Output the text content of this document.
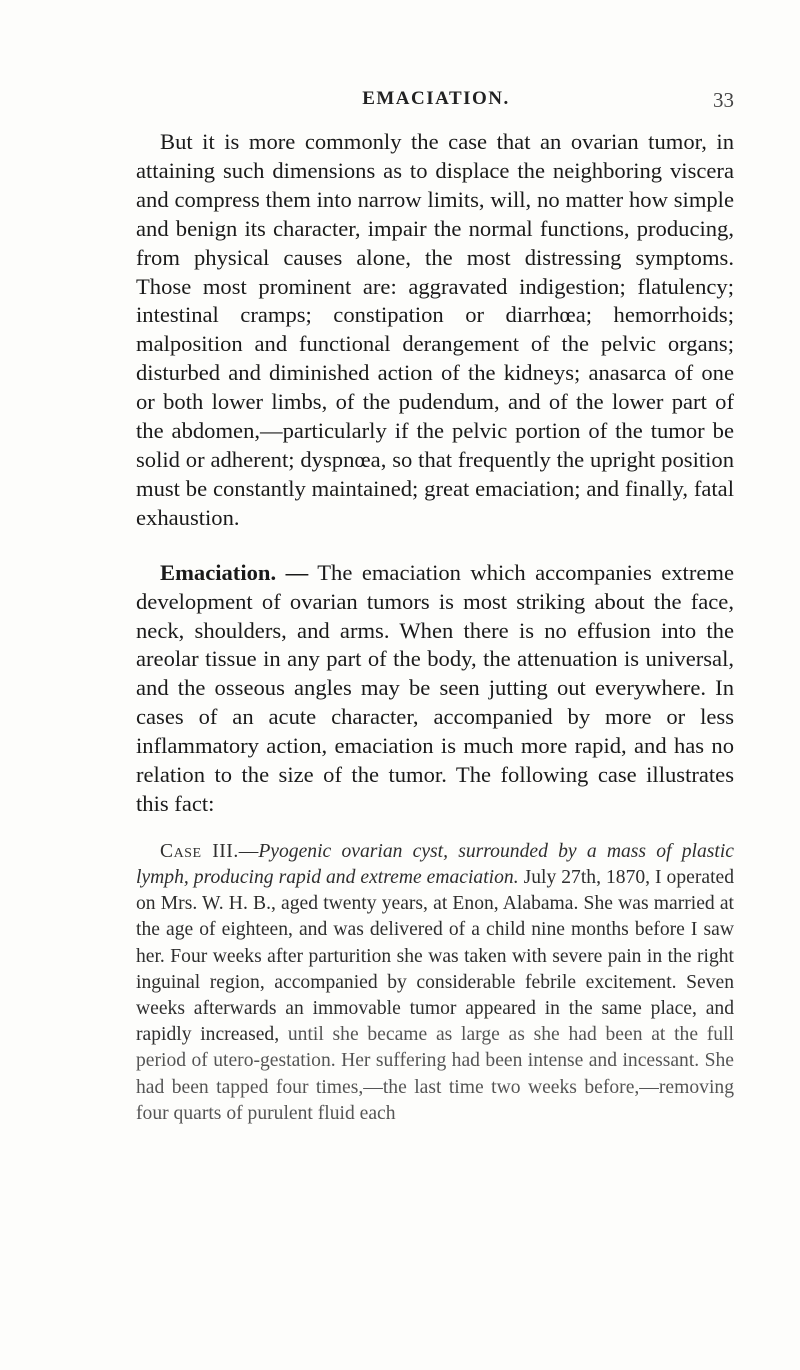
EMACIATION.	33

But it is more commonly the case that an ovarian tumor, in attaining such dimensions as to displace the neighboring viscera and compress them into narrow limits, will, no matter how simple and benign its character, impair the normal functions, producing, from physical causes alone, the most distressing symptoms. Those most prominent are: aggravated indigestion; flatulency; intestinal cramps; constipation or diarrhœa; hemorrhoids; malposition and functional derangement of the pelvic organs; disturbed and diminished action of the kidneys; anasarca of one or both lower limbs, of the pudendum, and of the lower part of the abdomen,—particularly if the pelvic portion of the tumor be solid or adherent; dyspnœa, so that frequently the upright position must be constantly maintained; great emaciation; and finally, fatal exhaustion.

Emaciation. — The emaciation which accompanies extreme development of ovarian tumors is most striking about the face, neck, shoulders, and arms. When there is no effusion into the areolar tissue in any part of the body, the attenuation is universal, and the osseous angles may be seen jutting out everywhere. In cases of an acute character, accompanied by more or less inflammatory action, emaciation is much more rapid, and has no relation to the size of the tumor. The following case illustrates this fact:

Case III.—Pyogenic ovarian cyst, surrounded by a mass of plastic lymph, producing rapid and extreme emaciation. July 27th, 1870, I operated on Mrs. W. H. B., aged twenty years, at Enon, Alabama. She was married at the age of eighteen, and was delivered of a child nine months before I saw her. Four weeks after parturition she was taken with severe pain in the right inguinal region, accompanied by considerable febrile excitement. Seven weeks afterwards an immovable tumor appeared in the same place, and rapidly increased, until she became as large as she had been at the full period of utero-gestation. Her suffering had been intense and incessant. She had been tapped four times,—the last time two weeks before,—removing four quarts of purulent fluid each
